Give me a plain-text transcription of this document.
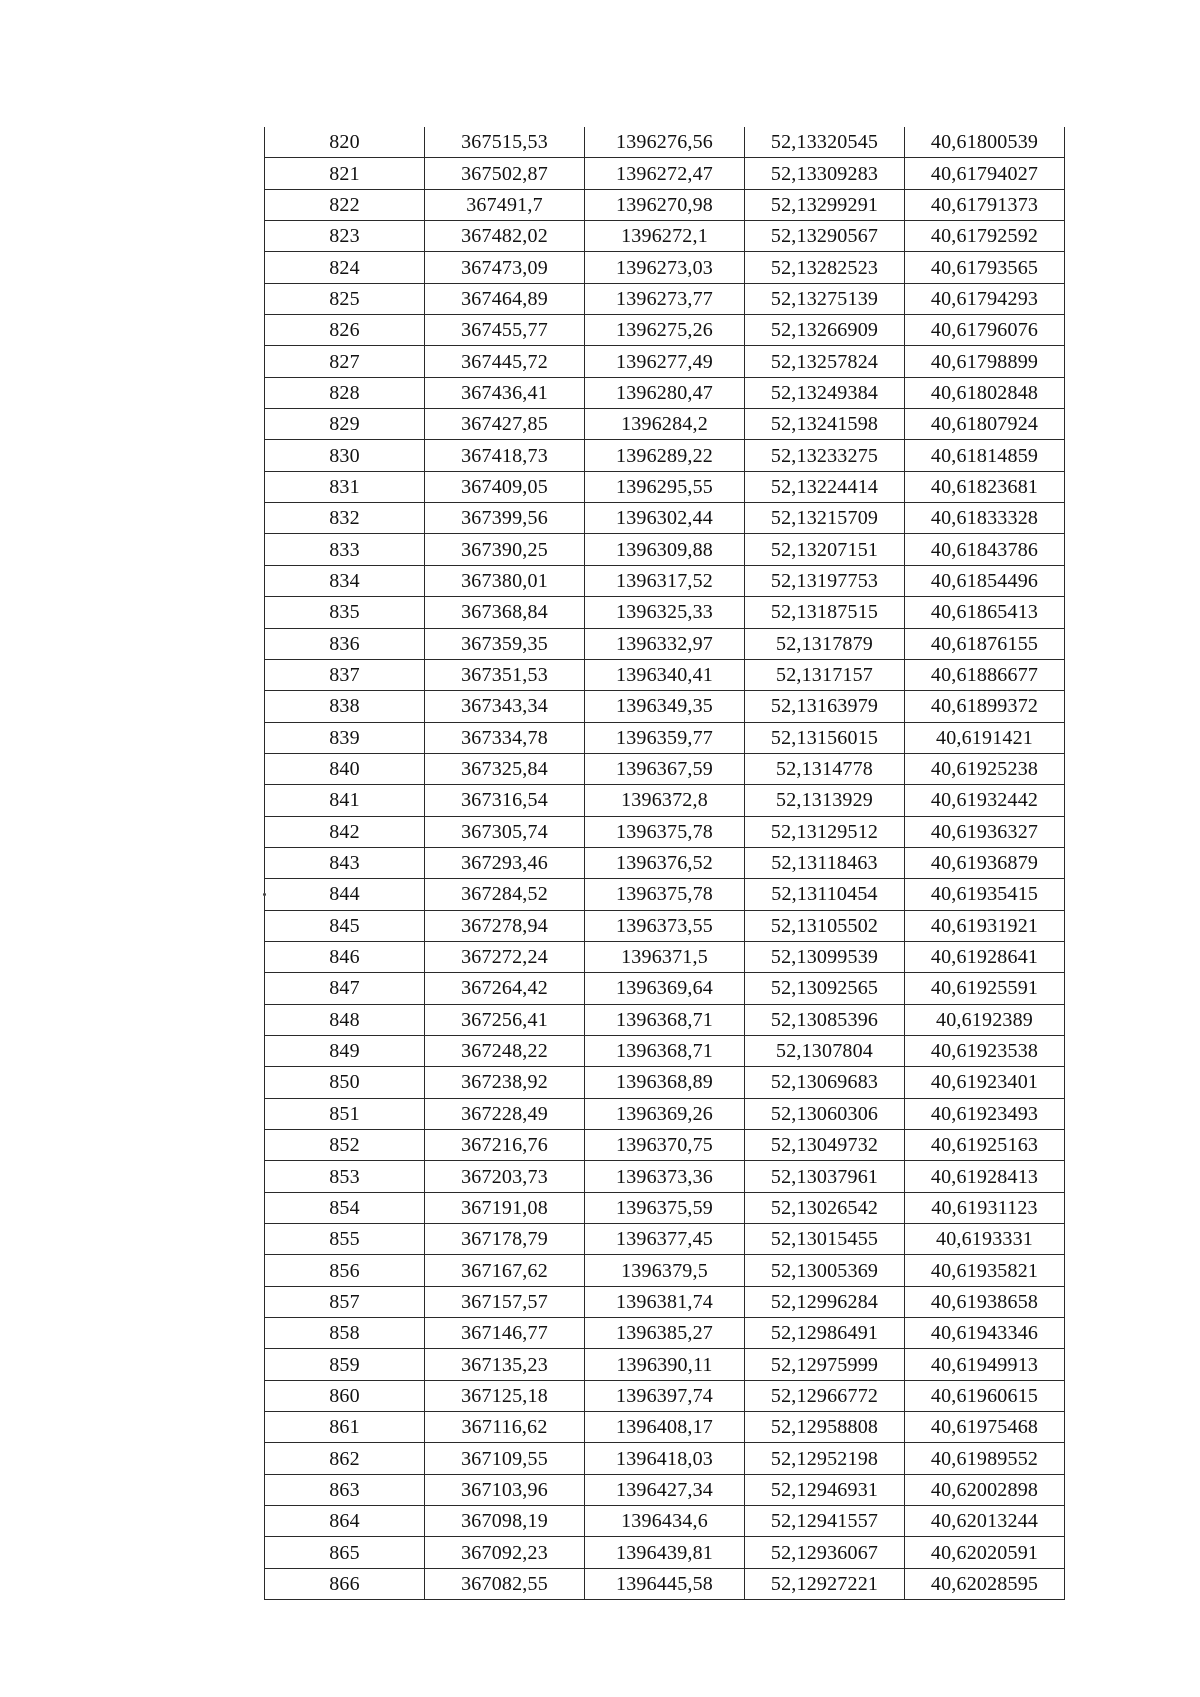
820	367515,53	1396276,56	52,13320545	40,61800539
821	367502,87	1396272,47	52,13309283	40,61794027
822	367491,7	1396270,98	52,13299291	40,61791373
823	367482,02	1396272,1	52,13290567	40,61792592
824	367473,09	1396273,03	52,13282523	40,61793565
825	367464,89	1396273,77	52,13275139	40,61794293
826	367455,77	1396275,26	52,13266909	40,61796076
827	367445,72	1396277,49	52,13257824	40,61798899
828	367436,41	1396280,47	52,13249384	40,61802848
829	367427,85	1396284,2	52,13241598	40,61807924
830	367418,73	1396289,22	52,13233275	40,61814859
831	367409,05	1396295,55	52,13224414	40,61823681
832	367399,56	1396302,44	52,13215709	40,61833328
833	367390,25	1396309,88	52,13207151	40,61843786
834	367380,01	1396317,52	52,13197753	40,61854496
835	367368,84	1396325,33	52,13187515	40,61865413
836	367359,35	1396332,97	52,1317879	40,61876155
837	367351,53	1396340,41	52,1317157	40,61886677
838	367343,34	1396349,35	52,13163979	40,61899372
839	367334,78	1396359,77	52,13156015	40,6191421
840	367325,84	1396367,59	52,1314778	40,61925238
841	367316,54	1396372,8	52,1313929	40,61932442
842	367305,74	1396375,78	52,13129512	40,61936327
843	367293,46	1396376,52	52,13118463	40,61936879
844	367284,52	1396375,78	52,13110454	40,61935415
845	367278,94	1396373,55	52,13105502	40,61931921
846	367272,24	1396371,5	52,13099539	40,61928641
847	367264,42	1396369,64	52,13092565	40,61925591
848	367256,41	1396368,71	52,13085396	40,6192389
849	367248,22	1396368,71	52,1307804	40,61923538
850	367238,92	1396368,89	52,13069683	40,61923401
851	367228,49	1396369,26	52,13060306	40,61923493
852	367216,76	1396370,75	52,13049732	40,61925163
853	367203,73	1396373,36	52,13037961	40,61928413
854	367191,08	1396375,59	52,13026542	40,61931123
855	367178,79	1396377,45	52,13015455	40,6193331
856	367167,62	1396379,5	52,13005369	40,61935821
857	367157,57	1396381,74	52,12996284	40,61938658
858	367146,77	1396385,27	52,12986491	40,61943346
859	367135,23	1396390,11	52,12975999	40,61949913
860	367125,18	1396397,74	52,12966772	40,61960615
861	367116,62	1396408,17	52,12958808	40,61975468
862	367109,55	1396418,03	52,12952198	40,61989552
863	367103,96	1396427,34	52,12946931	40,62002898
864	367098,19	1396434,6	52,12941557	40,62013244
865	367092,23	1396439,81	52,12936067	40,62020591
866	367082,55	1396445,58	52,12927221	40,62028595
